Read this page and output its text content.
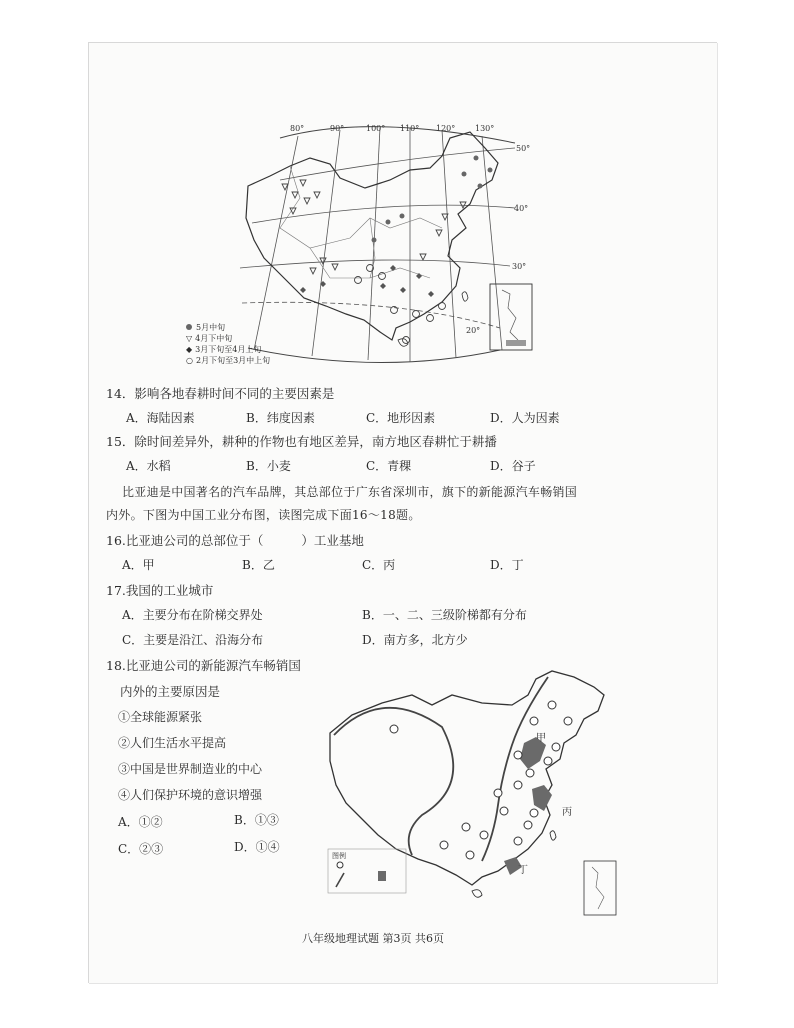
80°	90°	100° 110° 120° 130°
50°
40°
30°
20°
5月中旬
▽ 4月下中旬
◆ 3月下旬至4月上旬
○ 2月下旬至3月中上旬
14．影响各地春耕时间不同的主要因素是
A．海陆因素	B．纬度因素	C．地形因素	D．人为因素
15．除时间差异外，耕种的作物也有地区差异，南方地区春耕忙于耕播
A．水稻	B．小麦	C．青稞	D．谷子
比亚迪是中国著名的汽车品牌，其总部位于广东省深圳市，旗下的新能源汽车畅销国
内外。下图为中国工业分布图，读图完成下面16～18题。
16.比亚迪公司的总部位于（	）工业基地
A．甲	B．乙	C．丙	D．丁
17.我国的工业城市
A．主要分布在阶梯交界处	B．一、二、三级阶梯都有分布
C．主要是沿江、沿海分布	D．南方多，北方少
18.比亚迪公司的新能源汽车畅销国
内外的主要原因是
①全球能源紧张
②人们生活水平提高
③中国是世界制造业的中心
④人们保护环境的意识增强
A．①②	B．①③
C．②③	D．①④
甲
丙
丁
图例
八年级地理试题 第3页 共6页
